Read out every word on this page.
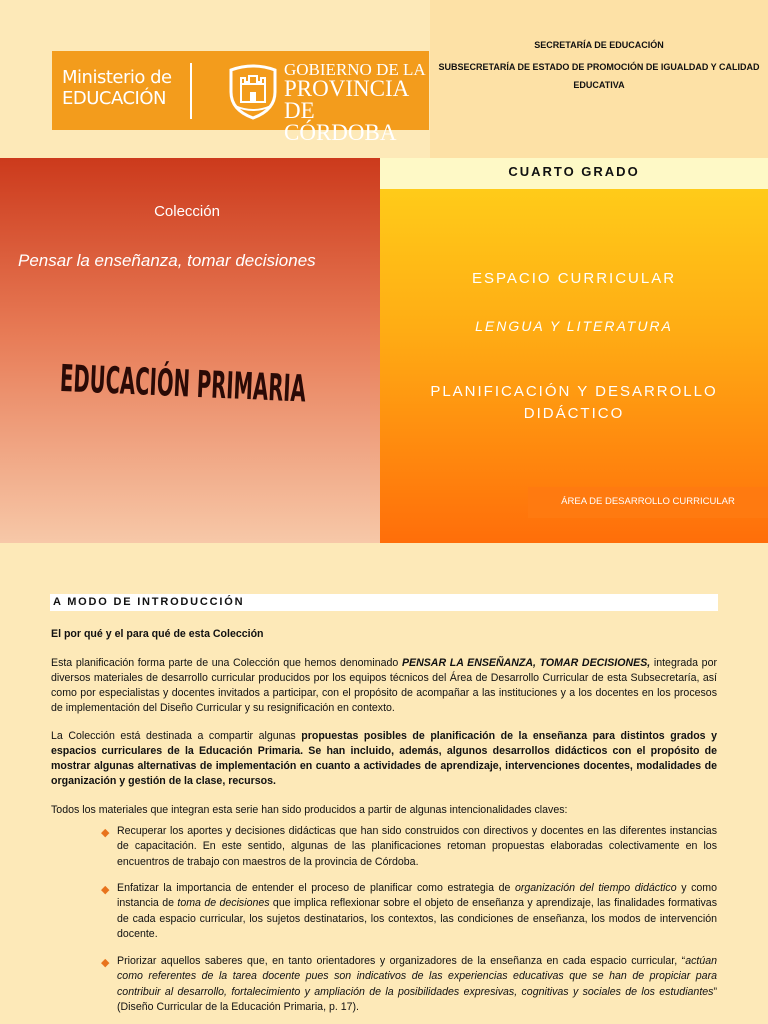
Ministerio de
EDUCACIÓN
GOBIERNO DE LA
PROVINCIA DE
CÓRDOBA
SECRETARÍA DE EDUCACIÓN
SUBSECRETARÍA DE ESTADO DE PROMOCIÓN DE IGUALDAD Y CALIDAD
EDUCATIVA
CUARTO GRADO
Colección
Pensar la enseñanza, tomar decisiones
EDUCACIÓN PRIMARIA
ESPACIO CURRICULAR
LENGUA Y LITERATURA
PLANIFICACIÓN Y DESARROLLO
DIDÁCTICO
ÁREA DE DESARROLLO CURRICULAR
A MODO DE INTRODUCCIÓN
El por qué y el para qué de esta Colección
Esta planificación forma parte de una Colección que hemos denominado PENSAR LA ENSEÑANZA, TOMAR DECISIONES, integrada por diversos materiales de desarrollo curricular producidos por los equipos técnicos del Área de Desarrollo Curricular de esta Subsecretaría, así como por especialistas y docentes invitados a participar, con el propósito de acompañar a las instituciones y a los docentes en los procesos de implementación del Diseño Curricular y su resignificación en contexto.
La Colección está destinada a compartir algunas propuestas posibles de planificación de la enseñanza para distintos grados y espacios curriculares de la Educación Primaria. Se han incluido, además, algunos desarrollos didácticos con el propósito de mostrar algunas alternativas de implementación en cuanto a actividades de aprendizaje, intervenciones docentes, modalidades de organización y gestión de la clase, recursos.
Todos los materiales que integran esta serie han sido producidos a partir de algunas intencionalidades claves:
◆ Recuperar los aportes y decisiones didácticas que han sido construidos con directivos y docentes en las diferentes instancias de capacitación. En este sentido, algunas de las planificaciones retoman propuestas elaboradas colectivamente en los encuentros de trabajo con maestros de la provincia de Córdoba.
◆ Enfatizar la importancia de entender el proceso de planificar como estrategia de organización del tiempo didáctico y como instancia de toma de decisiones que implica reflexionar sobre el objeto de enseñanza y aprendizaje, las finalidades formativas de cada espacio curricular, los sujetos destinatarios, los contextos, las condiciones de enseñanza, los modos de intervención docente.
◆ Priorizar aquellos saberes que, en tanto orientadores y organizadores de la enseñanza en cada espacio curricular, “actúan como referentes de la tarea docente pues son indicativos de las experiencias educativas que se han de propiciar para contribuir al desarrollo, fortalecimiento y ampliación de la posibilidades expresivas, cognitivas y sociales de los estudiantes” (Diseño Curricular de la Educación Primaria, p. 17).
